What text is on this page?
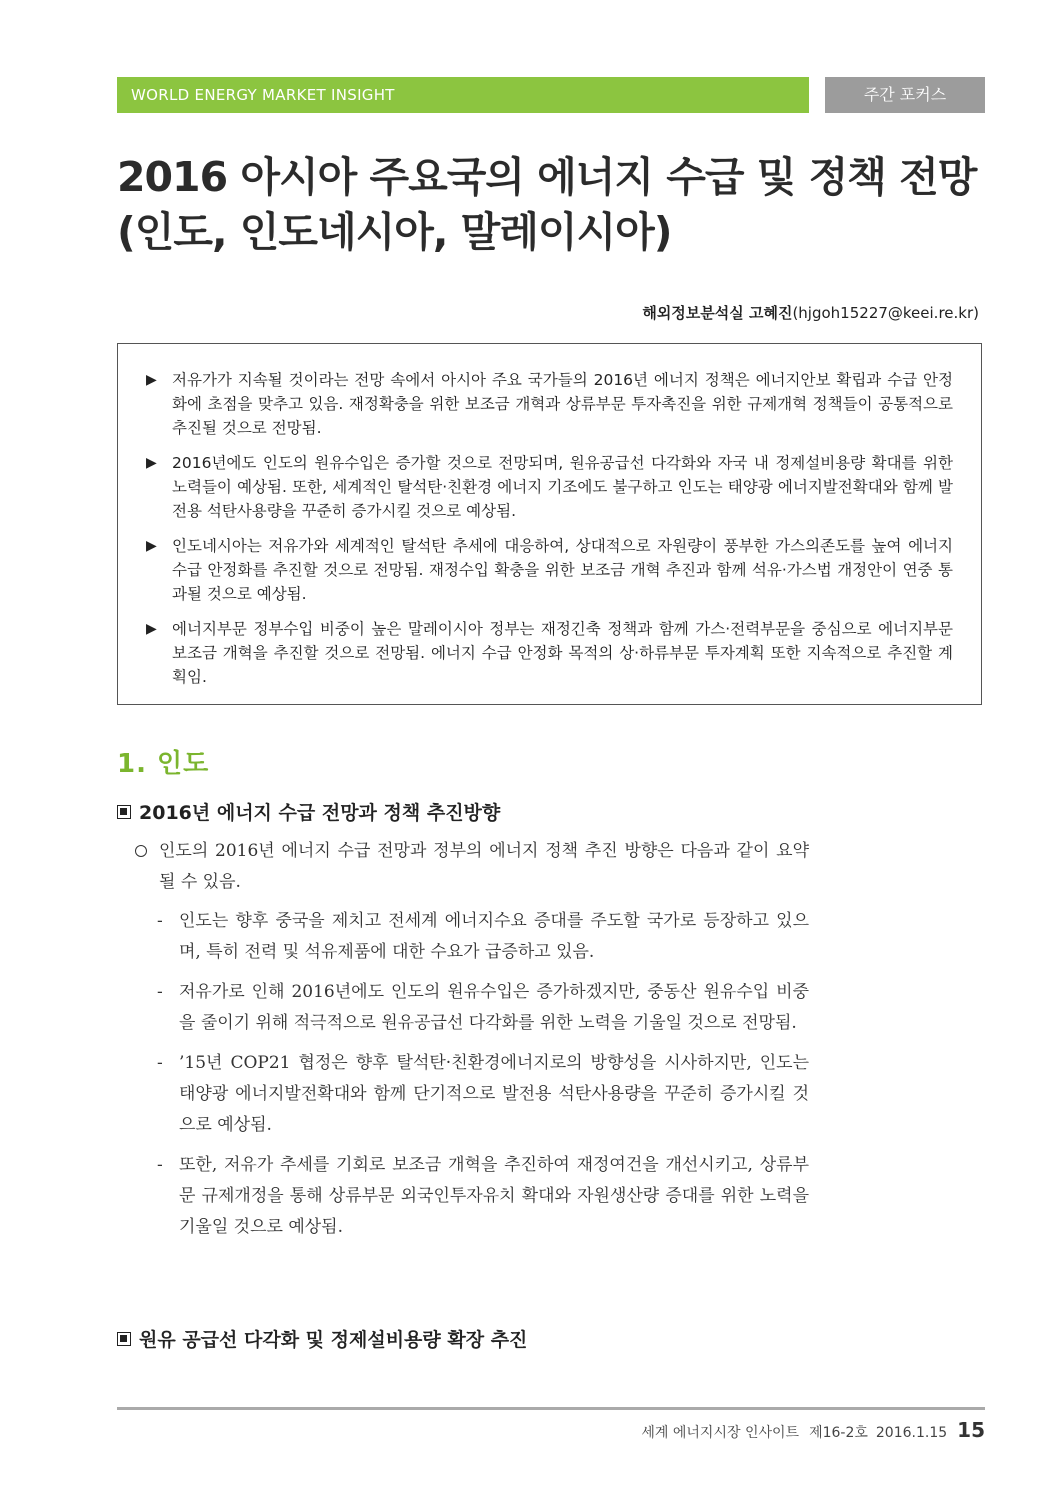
WORLD ENERGY MARKET INSIGHT	주간 포커스
2016 아시아 주요국의 에너지 수급 및 정책 전망
(인도, 인도네시아, 말레이시아)
해외정보분석실 고혜진(hjgoh15227@keei.re.kr)
▶ 저유가가 지속될 것이라는 전망 속에서 아시아 주요 국가들의 2016년 에너지 정책은 에너지안보 확립과 수급 안정화에 초점을 맞추고 있음. 재정확충을 위한 보조금 개혁과 상류부문 투자촉진을 위한 규제개혁 정책들이 공통적으로 추진될 것으로 전망됨.
▶ 2016년에도 인도의 원유수입은 증가할 것으로 전망되며, 원유공급선 다각화와 자국 내 정제설비용량 확대를 위한 노력들이 예상됨. 또한, 세계적인 탈석탄·친환경 에너지 기조에도 불구하고 인도는 태양광 에너지발전확대와 함께 발전용 석탄사용량을 꾸준히 증가시킬 것으로 예상됨.
▶ 인도네시아는 저유가와 세계적인 탈석탄 추세에 대응하여, 상대적으로 자원량이 풍부한 가스의존도를 높여 에너지 수급 안정화를 추진할 것으로 전망됨. 재정수입 확충을 위한 보조금 개혁 추진과 함께 석유·가스법 개정안이 연중 통과될 것으로 예상됨.
▶ 에너지부문 정부수입 비중이 높은 말레이시아 정부는 재정긴축 정책과 함께 가스·전력부문을 중심으로 에너지부문 보조금 개혁을 추진할 것으로 전망됨. 에너지 수급 안정화 목적의 상·하류부문 투자계획 또한 지속적으로 추진할 계획임.
1. 인도
2016년 에너지 수급 전망과 정책 추진방향
인도의 2016년 에너지 수급 전망과 정부의 에너지 정책 추진 방향은 다음과 같이 요약될 수 있음.
- 인도는 향후 중국을 제치고 전세계 에너지수요 증대를 주도할 국가로 등장하고 있으며, 특히 전력 및 석유제품에 대한 수요가 급증하고 있음.
- 저유가로 인해 2016년에도 인도의 원유수입은 증가하겠지만, 중동산 원유수입 비중을 줄이기 위해 적극적으로 원유공급선 다각화를 위한 노력을 기울일 것으로 전망됨.
- ’15년 COP21 협정은 향후 탈석탄·친환경에너지로의 방향성을 시사하지만, 인도는 태양광 에너지발전확대와 함께 단기적으로 발전용 석탄사용량을 꾸준히 증가시킬 것으로 예상됨.
- 또한, 저유가 추세를 기회로 보조금 개혁을 추진하여 재정여건을 개선시키고, 상류부문 규제개정을 통해 상류부문 외국인투자유치 확대와 자원생산량 증대를 위한 노력을 기울일 것으로 예상됨.
원유 공급선 다각화 및 정제설비용량 확장 추진
세계 에너지시장 인사이트 제16-2호 2016.1.15 15
